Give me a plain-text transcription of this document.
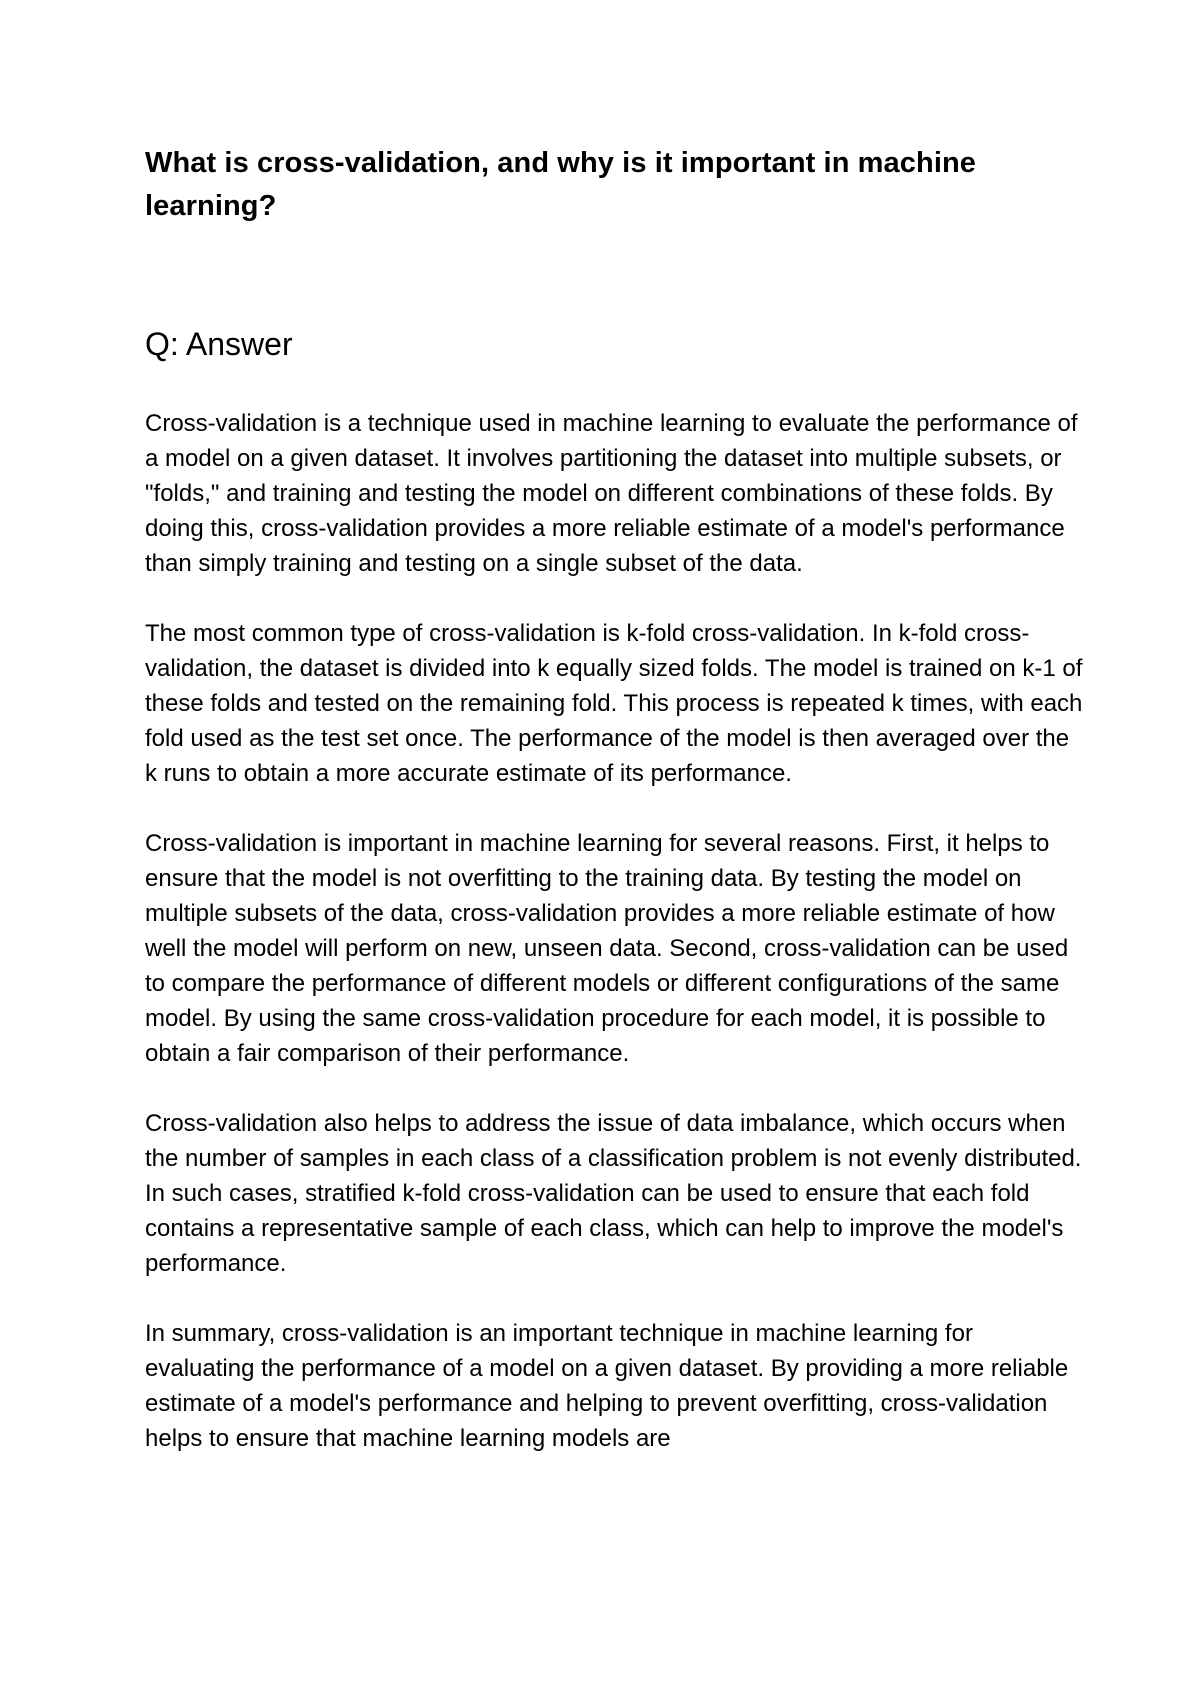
What is cross-validation, and why is it important in machine learning?
Q: Answer

Cross-validation is a technique used in machine learning to evaluate the performance of a model on a given dataset. It involves partitioning the dataset into multiple subsets, or "folds," and training and testing the model on different combinations of these folds. By doing this, cross-validation provides a more reliable estimate of a model's performance than simply training and testing on a single subset of the data.

The most common type of cross-validation is k-fold cross-validation. In k-fold cross-validation, the dataset is divided into k equally sized folds. The model is trained on k-1 of these folds and tested on the remaining fold. This process is repeated k times, with each fold used as the test set once. The performance of the model is then averaged over the k runs to obtain a more accurate estimate of its performance.

Cross-validation is important in machine learning for several reasons. First, it helps to ensure that the model is not overfitting to the training data. By testing the model on multiple subsets of the data, cross-validation provides a more reliable estimate of how well the model will perform on new, unseen data. Second, cross-validation can be used to compare the performance of different models or different configurations of the same model. By using the same cross-validation procedure for each model, it is possible to obtain a fair comparison of their performance.

Cross-validation also helps to address the issue of data imbalance, which occurs when the number of samples in each class of a classification problem is not evenly distributed. In such cases, stratified k-fold cross-validation can be used to ensure that each fold contains a representative sample of each class, which can help to improve the model's performance.

In summary, cross-validation is an important technique in machine learning for evaluating the performance of a model on a given dataset. By providing a more reliable estimate of a model's performance and helping to prevent overfitting, cross-validation helps to ensure that machine learning models are
